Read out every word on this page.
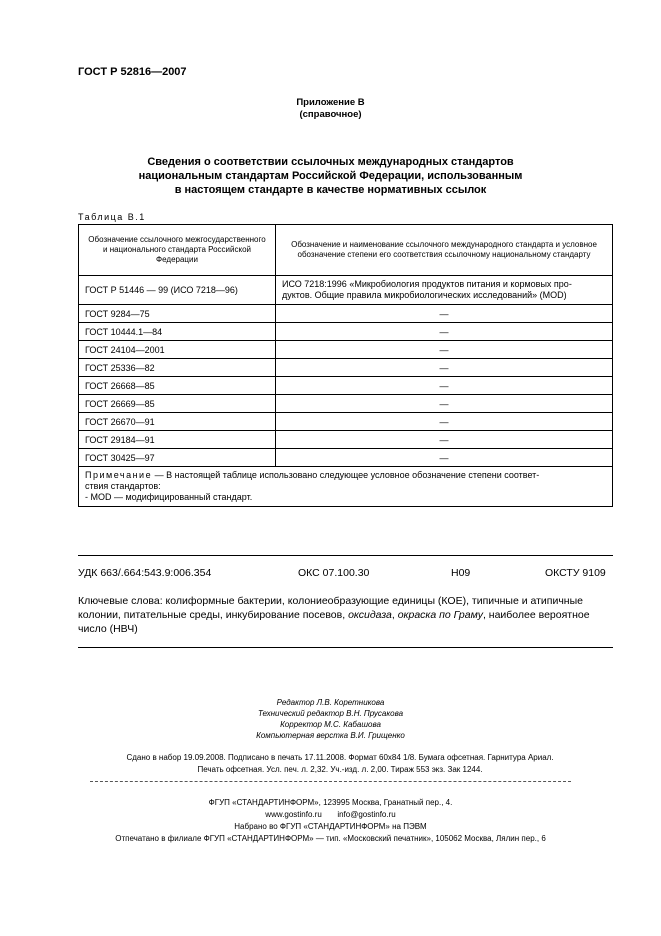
ГОСТ Р 52816—2007
Приложение В
(справочное)
Сведения о соответствии ссылочных международных стандартов
национальным стандартам Российской Федерации, использованным
в настоящем стандарте в качестве нормативных ссылок
Таблица В.1
Обозначение ссылочного межгосударственного и национального стандарта Российской Федерации	Обозначение и наименование ссылочного международного стандарта и условное обозначение степени его соответствия ссылочному национальному стандарту
ГОСТ Р 51446 — 99 (ИСО 7218—96)	ИСО 7218:1996 «Микробиология продуктов питания и кормовых про-
дуктов. Общие правила микробиологических исследований» (MOD)

ГОСТ 9284—75	—
ГОСТ 10444.1—84	—
ГОСТ 24104—2001	—
ГОСТ 25336—82	—
ГОСТ 26668—85	—
ГОСТ 26669—85	—
ГОСТ 26670—91	—
ГОСТ 29184—91	—
ГОСТ 30425—97	—

Примечание — В настоящей таблице использовано следующее условное обозначение степени соответ-
ствия стандартов:
- MOD — модифицированный стандарт.	
УДК 663/.664:543.9:006.354	ОКС 07.100.30	Н09	ОКСТУ 9109
Ключевые слова: колиформные бактерии, колониеобразующие единицы (КОЕ), типичные и атипичные колонии, питательные среды, инкубирование посевов, оксидаза, окраска по Граму, наиболее вероятное число (НВЧ)
Редактор Л.В. Коретникова
Технический редактор В.Н. Прусакова
Корректор М.С. Кабашова
Компьютерная верстка В.И. Грищенко
Сдано в набор 19.09.2008. Подписано в печать 17.11.2008. Формат 60х84 1/8. Бумага офсетная. Гарнитура Ариал.
Печать офсетная. Усл. печ. л. 2,32. Уч.-изд. л. 2,00. Тираж 553 экз. Зак 1244.
ФГУП «СТАНДАРТИНФОРМ», 123995 Москва, Гранатный пер., 4.
www.gostinfo.ru info@gostinfo.ru
Набрано во ФГУП «СТАНДАРТИНФОРМ» на ПЭВМ
Отпечатано в филиале ФГУП «СТАНДАРТИНФОРМ» — тип. «Московский печатник», 105062 Москва, Лялин пер., 6
